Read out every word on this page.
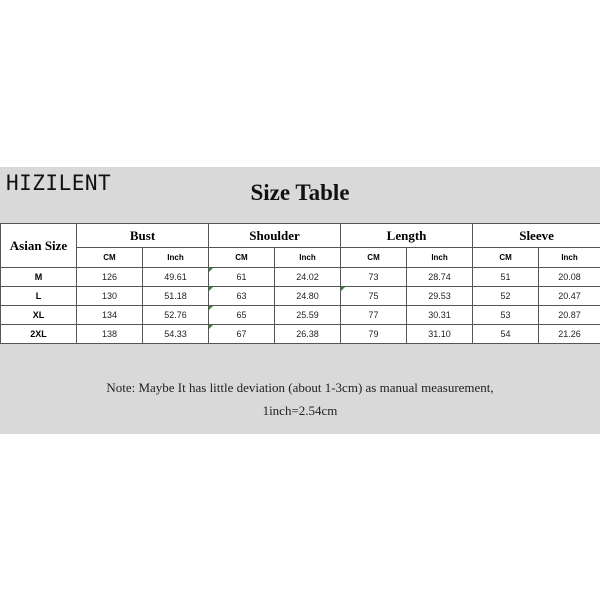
HIZILENT	Size Table
Asian Size	Bust		Shoulder		Length		Sleeve	
	CM	Inch	CM	Inch	CM	Inch	CM	Inch
M	126	49.61	61	24.02	73	28.74	51	20.08
L	130	51.18	63	24.80	75	29.53	52	20.47
XL	134	52.76	65	25.59	77	30.31	53	20.87
2XL	138	54.33	67	26.38	79	31.10	54	21.26
Note: Maybe It has little deviation (about 1-3cm) as manual measurement,
1inch=2.54cm
